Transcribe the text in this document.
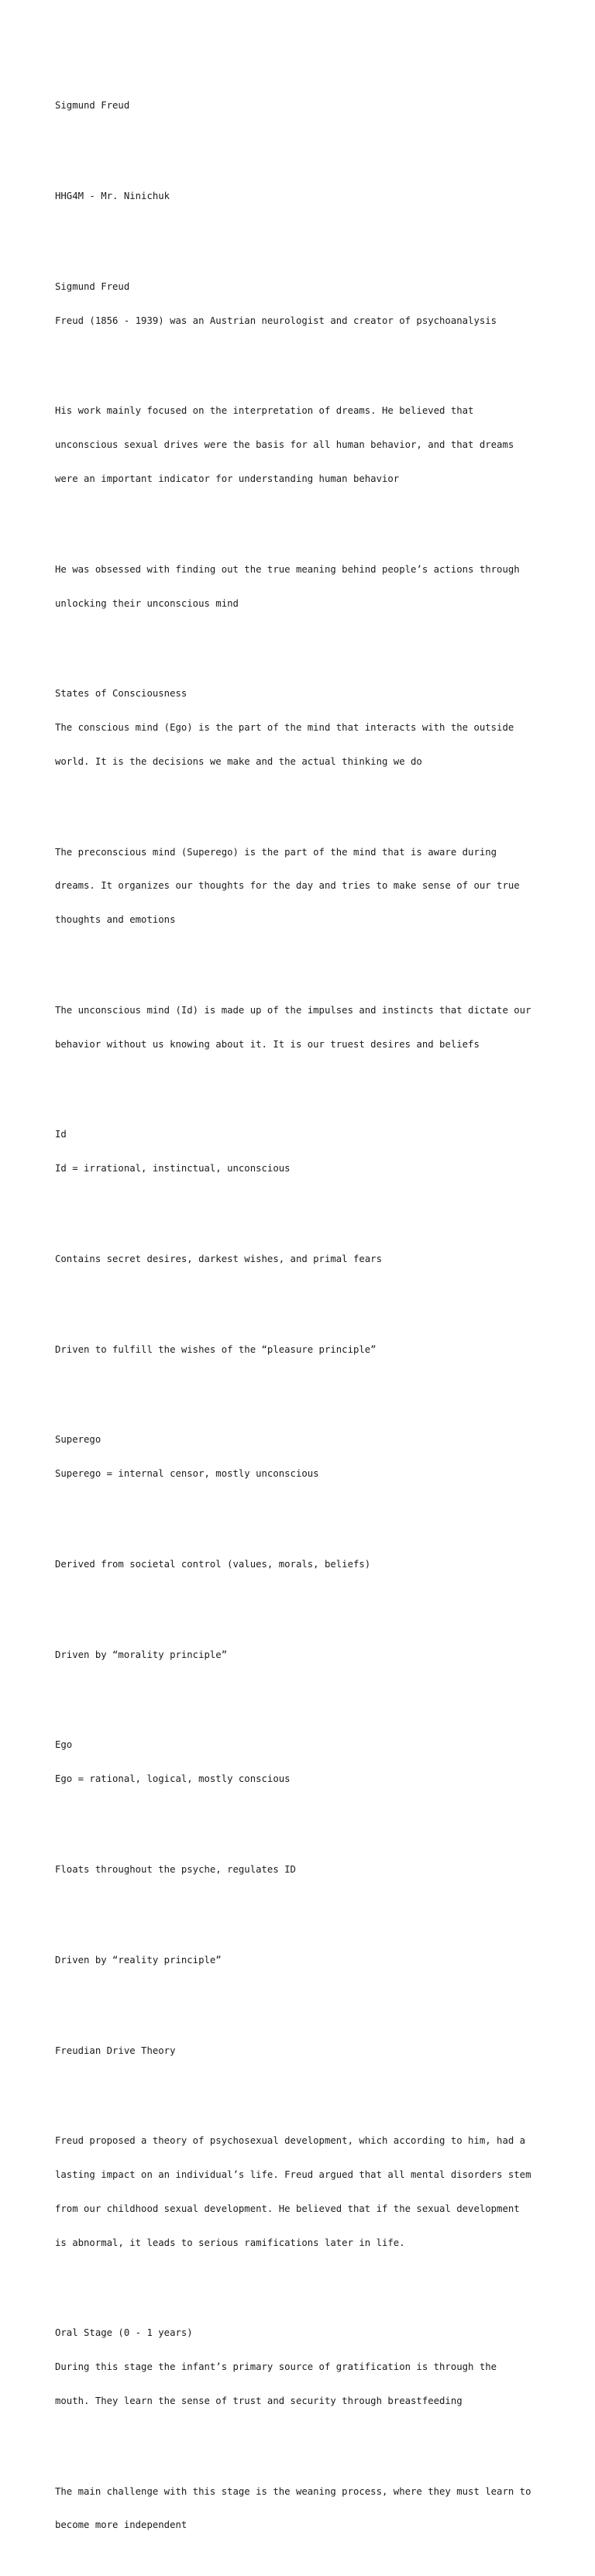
Sigmund Freud

HHG4M - Mr. Ninichuk

Sigmund Freud

Freud (1856 - 1939) was an Austrian neurologist and creator of psychoanalysis

His work mainly focused on the interpretation of dreams. He believed that

unconscious sexual drives were the basis for all human behavior, and that dreams

were an important indicator for understanding human behavior

He was obsessed with finding out the true meaning behind people’s actions through

unlocking their unconscious mind

States of Consciousness

The conscious mind (Ego) is the part of the mind that interacts with the outside

world. It is the decisions we make and the actual thinking we do

The preconscious mind (Superego) is the part of the mind that is aware during

dreams. It organizes our thoughts for the day and tries to make sense of our true

thoughts and emotions

The unconscious mind (Id) is made up of the impulses and instincts that dictate our

behavior without us knowing about it. It is our truest desires and beliefs

Id

Id = irrational, instinctual, unconscious

Contains secret desires, darkest wishes, and primal fears

Driven to fulfill the wishes of the “pleasure principle”

Superego

Superego = internal censor, mostly unconscious

Derived from societal control (values, morals, beliefs)

Driven by “morality principle”

Ego

Ego = rational, logical, mostly conscious

Floats throughout the psyche, regulates ID

Driven by “reality principle”

Freudian Drive Theory

Freud proposed a theory of psychosexual development, which according to him, had a

lasting impact on an individual’s life. Freud argued that all mental disorders stem

from our childhood sexual development. He believed that if the sexual development

is abnormal, it leads to serious ramifications later in life.

Oral Stage (0 - 1 years)

During this stage the infant’s primary source of gratification is through the

mouth. They learn the sense of trust and security through breastfeeding

The main challenge with this stage is the weaning process, where they must learn to

become more independent
